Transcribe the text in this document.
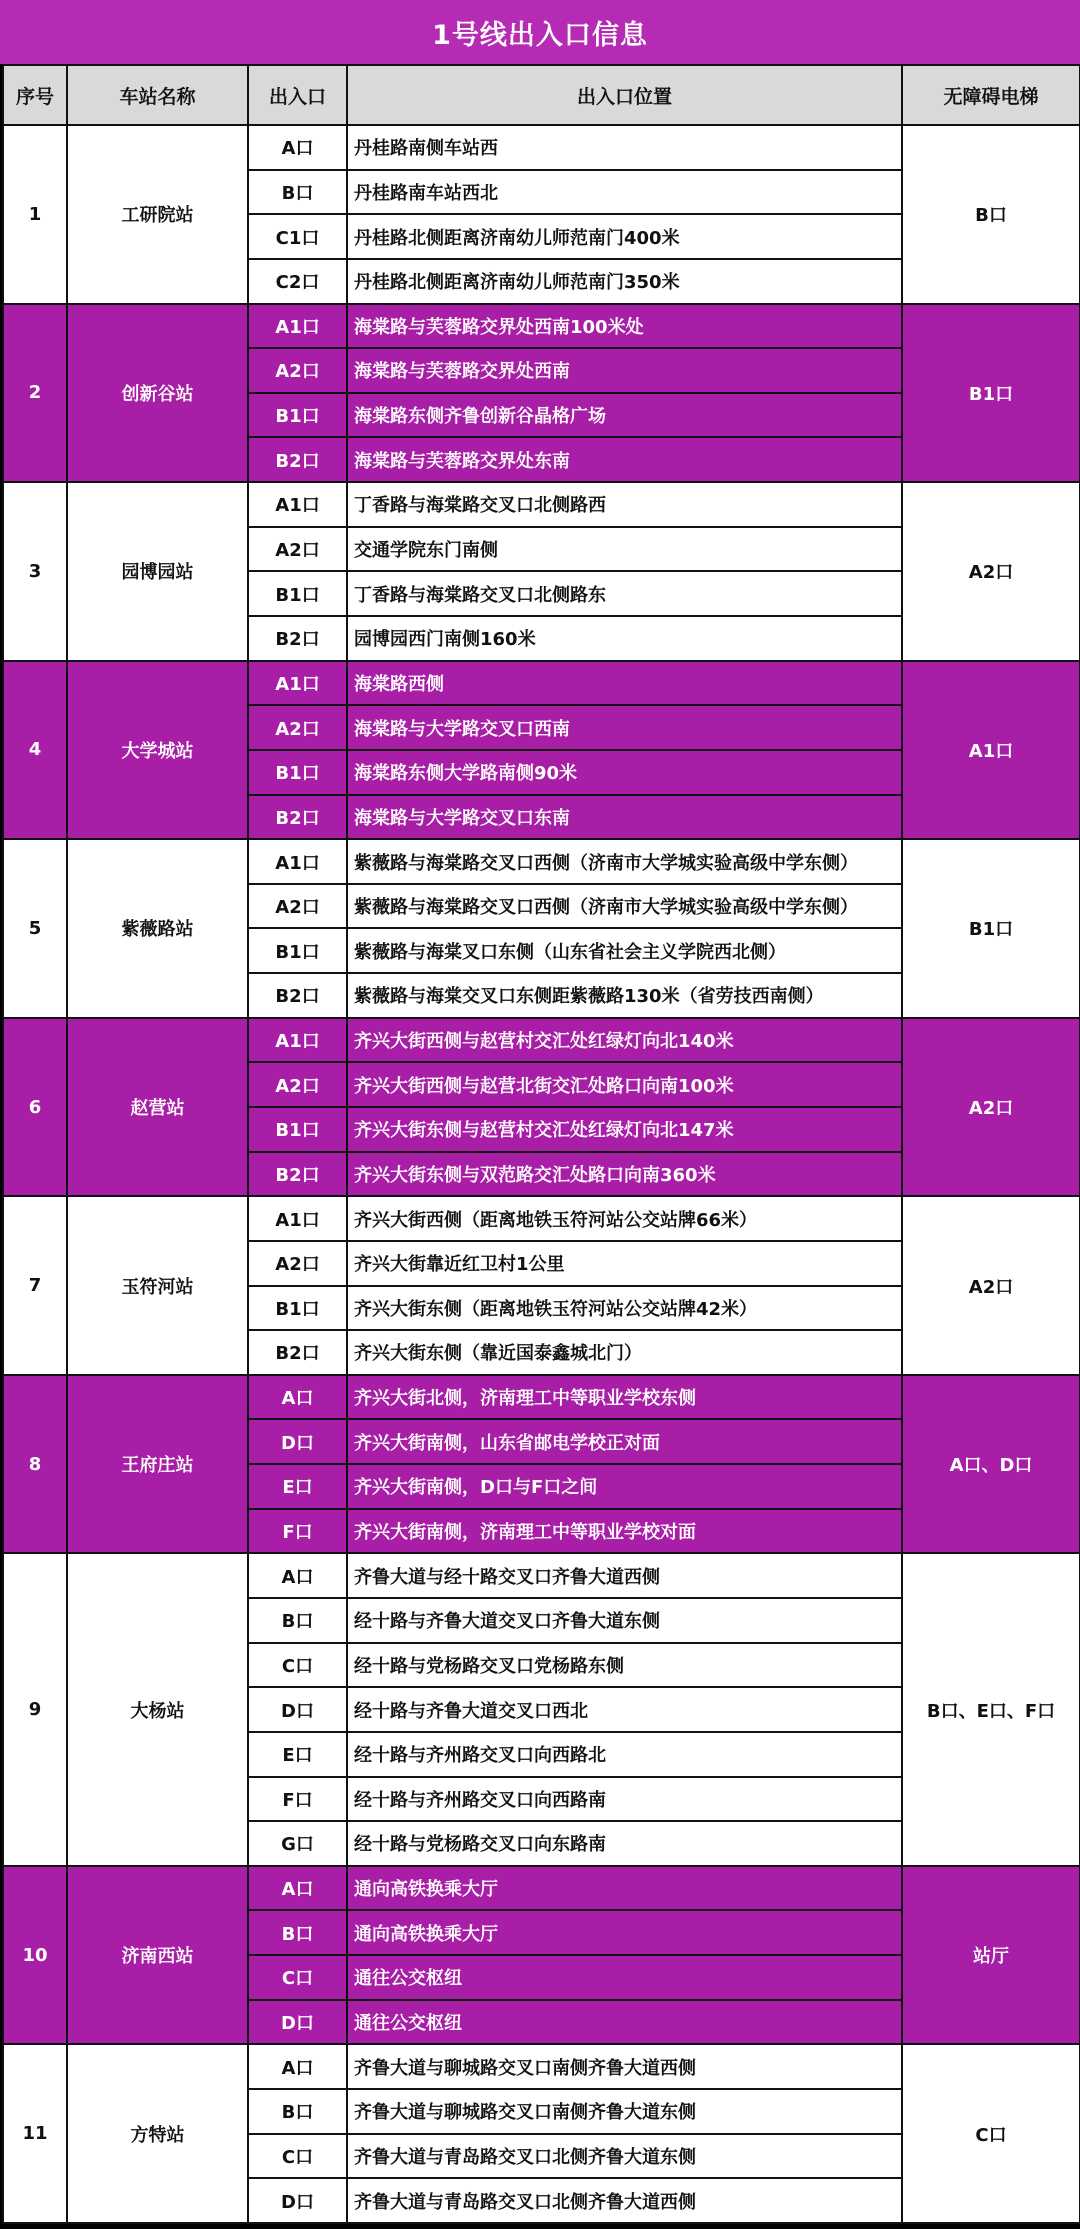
1号线出入口信息
序号	车站名称	出入口	出入口位置	无障碍电梯
1	工研院站	A口	丹桂路南侧车站西	B口
		B口	丹桂路南车站西北	
		C1口	丹桂路北侧距离济南幼儿师范南门400米	
		C2口	丹桂路北侧距离济南幼儿师范南门350米	
2	创新谷站	A1口	海棠路与芙蓉路交界处西南100米处	B1口
		A2口	海棠路与芙蓉路交界处西南	
		B1口	海棠路东侧齐鲁创新谷晶格广场	
		B2口	海棠路与芙蓉路交界处东南	
3	园博园站	A1口	丁香路与海棠路交叉口北侧路西	A2口
		A2口	交通学院东门南侧	
		B1口	丁香路与海棠路交叉口北侧路东	
		B2口	园博园西门南侧160米	
4	大学城站	A1口	海棠路西侧	A1口
		A2口	海棠路与大学路交叉口西南	
		B1口	海棠路东侧大学路南侧90米	
		B2口	海棠路与大学路交叉口东南	
5	紫薇路站	A1口	紫薇路与海棠路交叉口西侧（济南市大学城实验高级中学东侧）	B1口
		A2口	紫薇路与海棠路交叉口西侧（济南市大学城实验高级中学东侧）	
		B1口	紫薇路与海棠叉口东侧（山东省社会主义学院西北侧）	
		B2口	紫薇路与海棠交叉口东侧距紫薇路130米（省劳技西南侧）	
6	赵营站	A1口	齐兴大街西侧与赵营村交汇处红绿灯向北140米	A2口
		A2口	齐兴大街西侧与赵营北街交汇处路口向南100米	
		B1口	齐兴大街东侧与赵营村交汇处红绿灯向北147米	
		B2口	齐兴大街东侧与双范路交汇处路口向南360米	
7	玉符河站	A1口	齐兴大街西侧（距离地铁玉符河站公交站牌66米）	A2口
		A2口	齐兴大街靠近红卫村1公里	
		B1口	齐兴大街东侧（距离地铁玉符河站公交站牌42米）	
		B2口	齐兴大街东侧（靠近国泰鑫城北门）	
8	王府庄站	A口	齐兴大街北侧，济南理工中等职业学校东侧	A口、D口
		D口	齐兴大街南侧，山东省邮电学校正对面	
		E口	齐兴大街南侧，D口与F口之间	
		F口	齐兴大街南侧，济南理工中等职业学校对面	
9	大杨站	A口	齐鲁大道与经十路交叉口齐鲁大道西侧	B口、E口、F口
		B口	经十路与齐鲁大道交叉口齐鲁大道东侧	
		C口	经十路与党杨路交叉口党杨路东侧	
		D口	经十路与齐鲁大道交叉口西北	
		E口	经十路与齐州路交叉口向西路北	
		F口	经十路与齐州路交叉口向西路南	
		G口	经十路与党杨路交叉口向东路南	
10	济南西站	A口	通向高铁换乘大厅	站厅
		B口	通向高铁换乘大厅	
		C口	通往公交枢纽	
		D口	通往公交枢纽	
11	方特站	A口	齐鲁大道与聊城路交叉口南侧齐鲁大道西侧	C口
		B口	齐鲁大道与聊城路交叉口南侧齐鲁大道东侧	
		C口	齐鲁大道与青岛路交叉口北侧齐鲁大道东侧	
		D口	齐鲁大道与青岛路交叉口北侧齐鲁大道西侧	
